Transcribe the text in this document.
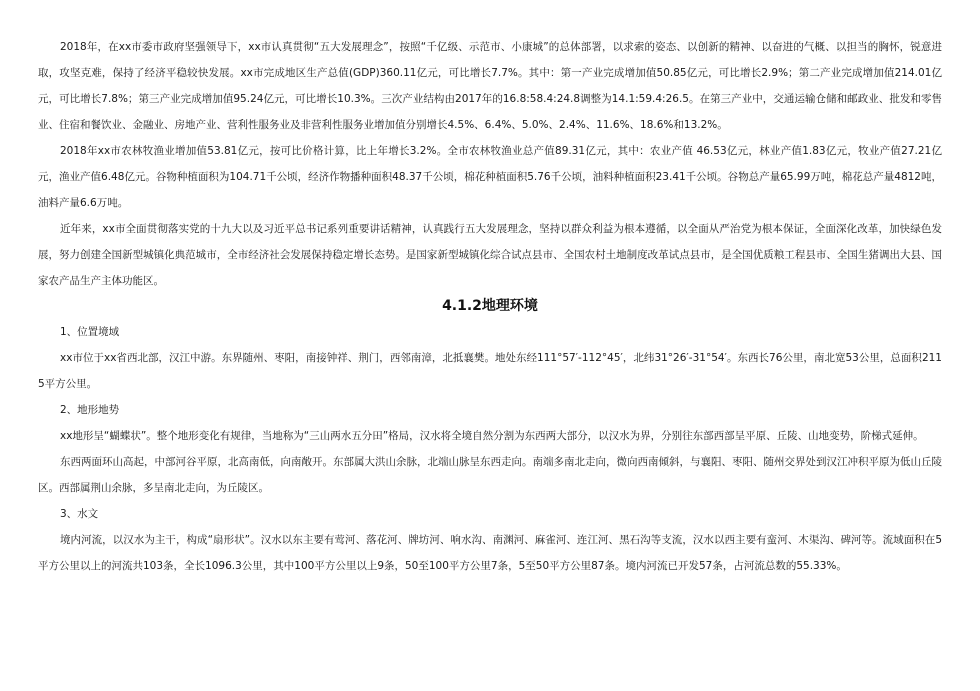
2018年，在xx市委市政府坚强领导下，xx市认真贯彻“五大发展理念”，按照“千亿级、示范市、小康城”的总体部署，以求索的姿态、以创新的精神、以奋进的气概、以担当的胸怀，锐意进取，攻坚克难，保持了经济平稳较快发展。xx市完成地区生产总值(GDP)360.11亿元，可比增长7.7%。其中：第一产业完成增加值50.85亿元，可比增长2.9%；第二产业完成增加值214.01亿元，可比增长7.8%；第三产业完成增加值95.24亿元，可比增长10.3%。三次产业结构由2017年的16.8:58.4:24.8调整为14.1:59.4:26.5。在第三产业中，交通运输仓储和邮政业、批发和零售业、住宿和餐饮业、金融业、房地产业、营利性服务业及非营利性服务业增加值分别增长4.5%、6.4%、5.0%、2.4%、11.6%、18.6%和13.2%。

2018年xx市农林牧渔业增加值53.81亿元，按可比价格计算，比上年增长3.2%。全市农林牧渔业总产值89.31亿元，其中：农业产值 46.53亿元，林业产值1.83亿元，牧业产值27.21亿元，渔业产值6.48亿元。谷物种植面积为104.71千公顷，经济作物播种面积48.37千公顷，棉花种植面积5.76千公顷，油料种植面积23.41千公顷。谷物总产量65.99万吨，棉花总产量4812吨，油料产量6.6万吨。

近年来，xx市全面贯彻落实党的十九大以及习近平总书记系列重要讲话精神，认真践行五大发展理念，坚持以群众利益为根本遵循，以全面从严治党为根本保证，全面深化改革，加快绿色发展，努力创建全国新型城镇化典范城市，全市经济社会发展保持稳定增长态势。是国家新型城镇化综合试点县市、全国农村土地制度改革试点县市，是全国优质粮工程县市、全国生猪调出大县、国家农产品生产主体功能区。

4.1.2地理环境

1、位置境域

xx市位于xx省西北部，汉江中游。东界随州、枣阳，南接钟祥、荆门，西邻南漳，北抵襄樊。地处东经111°57′-112°45′，北纬31°26′-31°54′。东西长76公里，南北宽53公里，总面积2115平方公里。

2、地形地势

xx地形呈“蝴蝶状”。整个地形变化有规律，当地称为“三山两水五分田”格局，汉水将全境自然分割为东西两大部分，以汉水为界，分别往东部西部呈平原、丘陵、山地变势，阶梯式延伸。

东西两面环山高起，中部河谷平原，北高南低，向南敞开。东部属大洪山余脉，北端山脉呈东西走向。南端多南北走向，微向西南倾斜，与襄阳、枣阳、随州交界处到汉江冲积平原为低山丘陵区。西部属荆山余脉，多呈南北走向，为丘陵区。

3、水文

境内河流，以汉水为主干，构成“扇形状”。汉水以东主要有莺河、落花河、牌坊河、响水沟、南渊河、麻雀河、连江河、黑石沟等支流，汉水以西主要有蛮河、木渠沟、碑河等。流域面积在5平方公里以上的河流共103条，全长1096.3公里，其中100平方公里以上9条，50至100平方公里7条，5至50平方公里87条。境内河流已开发57条，占河流总数的55.33%。
